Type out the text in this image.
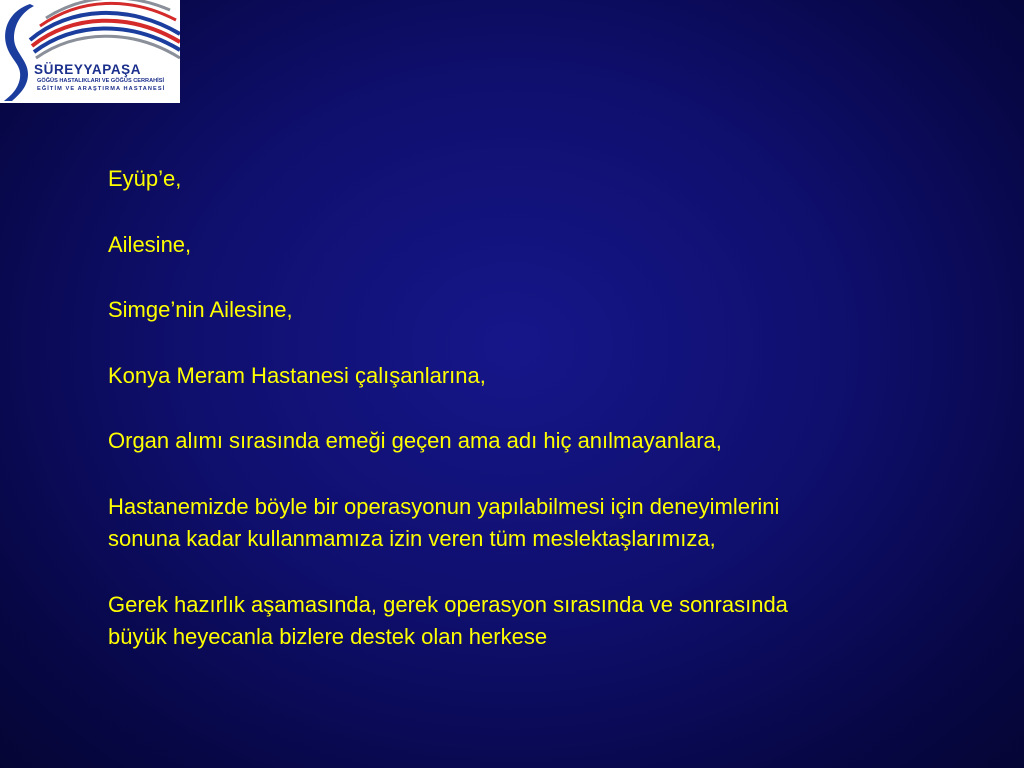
SÜREYYAPAŞA
GÖĞÜS HASTALIKLARI VE GÖĞÜS CERRAHİSİ
EĞİTİM VE ARAŞTIRMA HASTANESİ

Eyüp’e,

Ailesine,

Simge’nin Ailesine,

Konya Meram Hastanesi çalışanlarına,

Organ alımı sırasında emeği geçen ama adı hiç anılmayanlara,

Hastanemizde böyle bir operasyonun yapılabilmesi için deneyimlerini
sonuna kadar kullanmamıza izin veren tüm meslektaşlarımıza,

Gerek hazırlık aşamasında, gerek operasyon sırasında ve sonrasında
büyük heyecanla bizlere destek olan herkese
